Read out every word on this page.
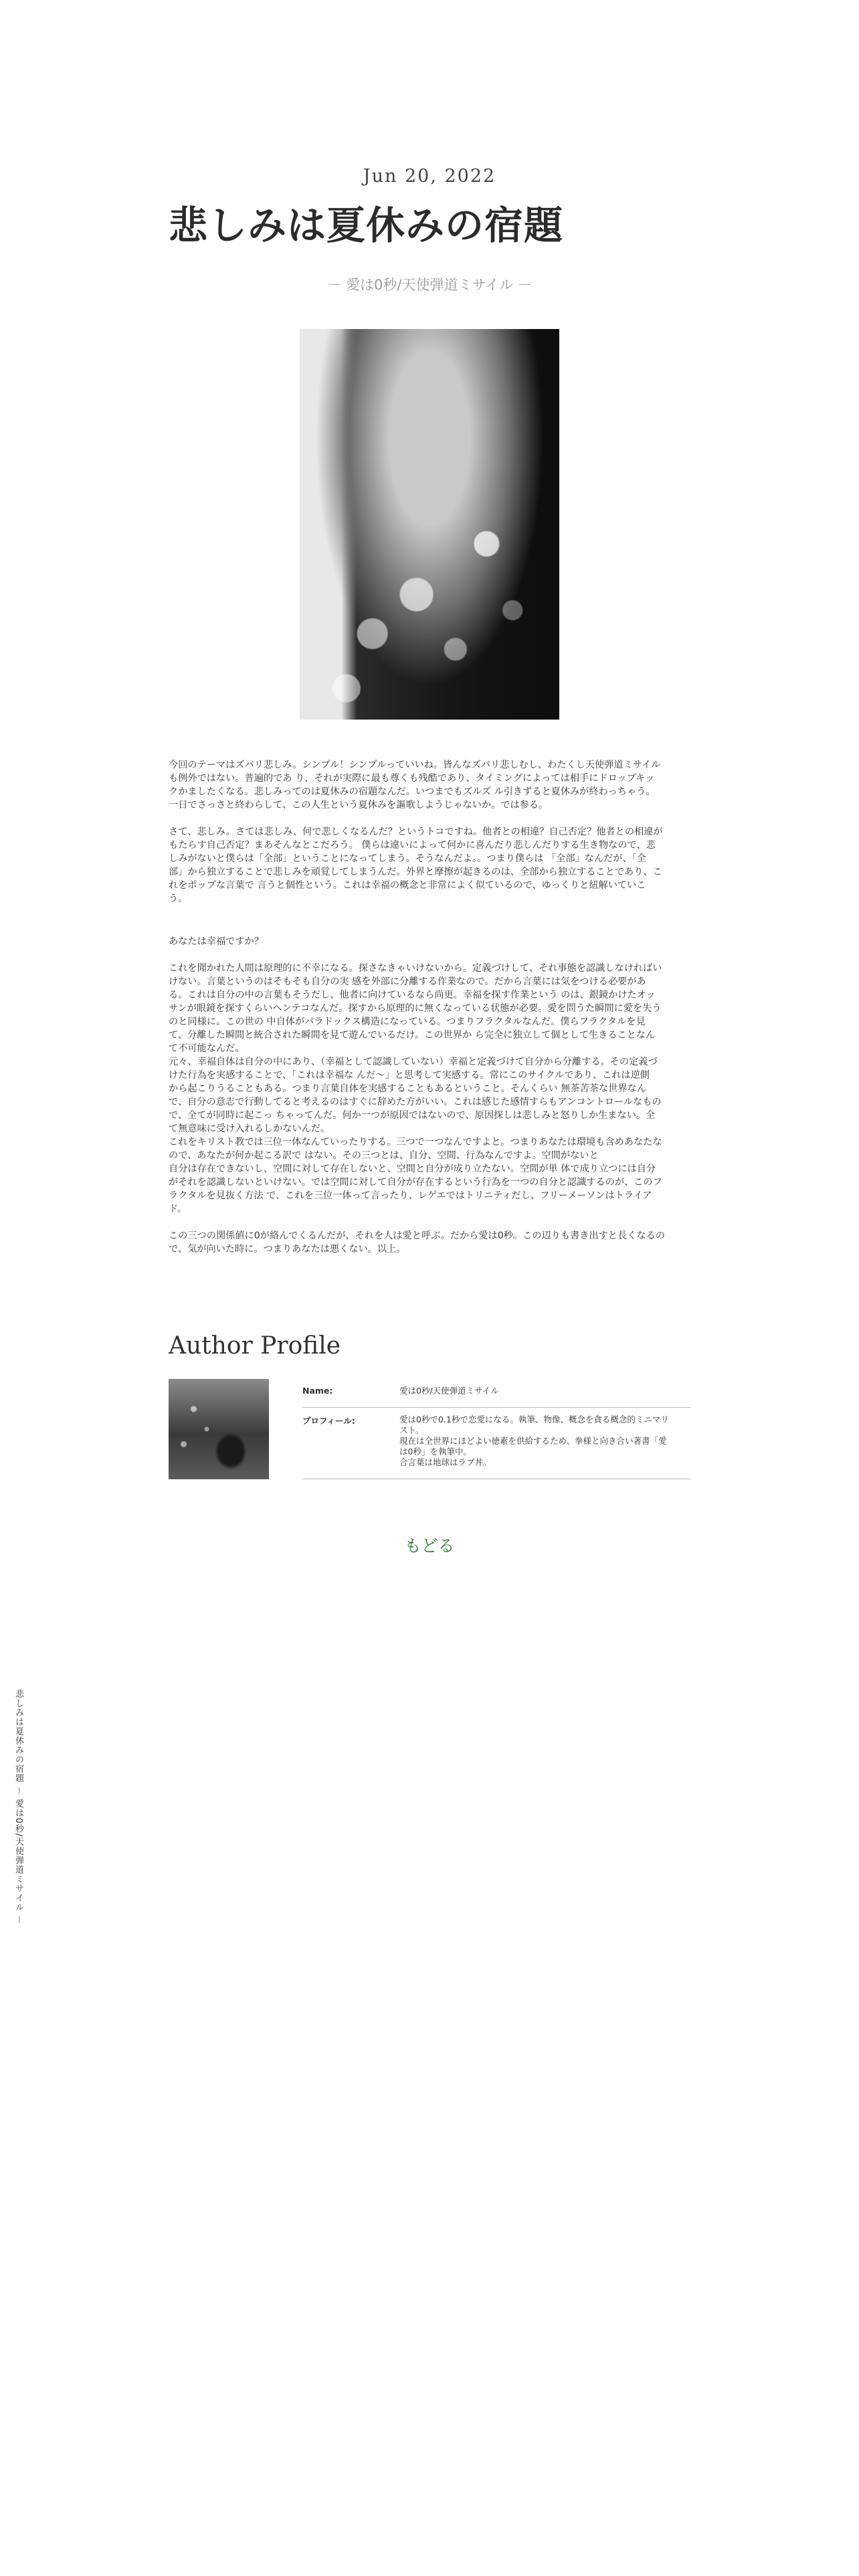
Jun 20, 2022
悲しみは夏休みの宿題
－ 愛は0秒/天使弾道ミサイル －

今回のテーマはズバリ悲しみ。シンプル！シンプルっていいね。皆んなズバリ悲しむし、わたくし天使弾道ミサイル
も例外ではない。普遍的であ り、それが実際に最も尊くも残酷であり、タイミングによっては相手にドロップキッ
クかましたくなる。悲しみってのは夏休みの宿題なんだ。いつまでもズルズ ル引きずると夏休みが終わっちゃう。
一日でさっさと終わらして、この人生という夏休みを謳歌しようじゃないか。では参る。

さて、悲しみ。さては悲しみ、何で悲しくなるんだ？というトコですね。他者との相違？自己否定？他者との相違が
もたらす自己否定？まあそんなとこだろう。 僕らは違いによって何かに喜んだり悲しんだりする生き物なので、悲
しみがないと僕らは「全部」ということになってしまう。そうなんだよ。。つまり僕らは 「全部」なんだが、「全
部」から独立することで悲しみを頑覚してしまうんだ。外界と摩擦が起きるのは、全部から独立することであり、こ
れをポップな言葉で 言うと個性という。これは幸福の概念と非常によく似ているので、ゆっくりと紐解いていこ
う。

あなたは幸福ですか？

これを聞かれた人間は原理的に不幸になる。探さなきゃいけないから。定義づけして、それ事態を認識しなければい
けない。言葉というのはそもそも自分の実 感を外部に分離する作業なので。だから言葉には気をつける必要があ
る。これは自分の中の言葉もそうだし、他者に向けているなら尚更。幸福を探す作業という のは、銀鏡かけたオッ
サンが眼鏡を探すくらいヘンテコなんだ。探すから原理的に無くなっている状態が必要。愛を問うた瞬間に愛を失う
のと同様に。この世の 中自体がパラドックス構造になっている。つまりフラクタルなんだ。僕らフラクタルを見
て、分離した瞬間と統合された瞬間を見て遊んでいるだけ。この世界か ら完全に独立して個として生きることなん
て不可能なんだ。
元々、幸福自体は自分の中にあり、（幸福として認識していない）幸福と定義づけて自分から分離する。その定義づ
けた行為を実感することで、「これは幸福な んだ～」と思考して実感する。常にこのサイクルであり、これは逆側
から起こりうることもある。つまり言葉自体を実感することもあるということ。そんくらい 無茶苦茶な世界なん
で、自分の意志で行動してると考えるのはすぐに辞めた方がいい。これは感じた感情すらもアンコントロールなもの
で、全てが同時に起こっ ちゃってんだ。何か一つが原因ではないので、原因探しは悲しみと怒りしか生まない。全
て無意味に受け入れるしかないんだ。
これをキリスト教では三位一体なんていったりする。三つで一つなんですよと。つまりあなたは環境も含めあなたな
ので、あなたが何か起こる訳で はない。その三つとは、自分、空間、行為なんですよ。空間がないと
自分は存在できないし、空間に対して存在しないと、空間と自分が成り立たない。空間が単 体で成り立つには自分
がそれを認識しないといけない。では空間に対して自分が存在するという行為を一つの自分と認識するのが、このフ
ラクタルを見抜く方法 で、これを三位一体って言ったり、レゲエではトリニティだし、フリーメーソンはトライア
ド。

この三つの関係値に0が絡んでくるんだが、それを人は愛と呼ぶ。だから愛は0秒。この辺りも書き出すと長くなるの
で、気が向いた時に。つまりあなたは悪くない。以上。

Author Profile
Name:	愛は0秒/天使弾道ミサイル
プロフィール:	愛は0秒で0.1秒で恋愛になる。執筆、物像、概念を貪る概念的ミニマリ
スト。
現在は全世界にほどよい徳素を供給するため、拳様と向き合い著書「愛
は0秒」を執筆中。
合言葉は地球はラブ丼。
もどる
悲しみは夏休みの宿題 － 愛は0秒/天使弾道ミサイル －
